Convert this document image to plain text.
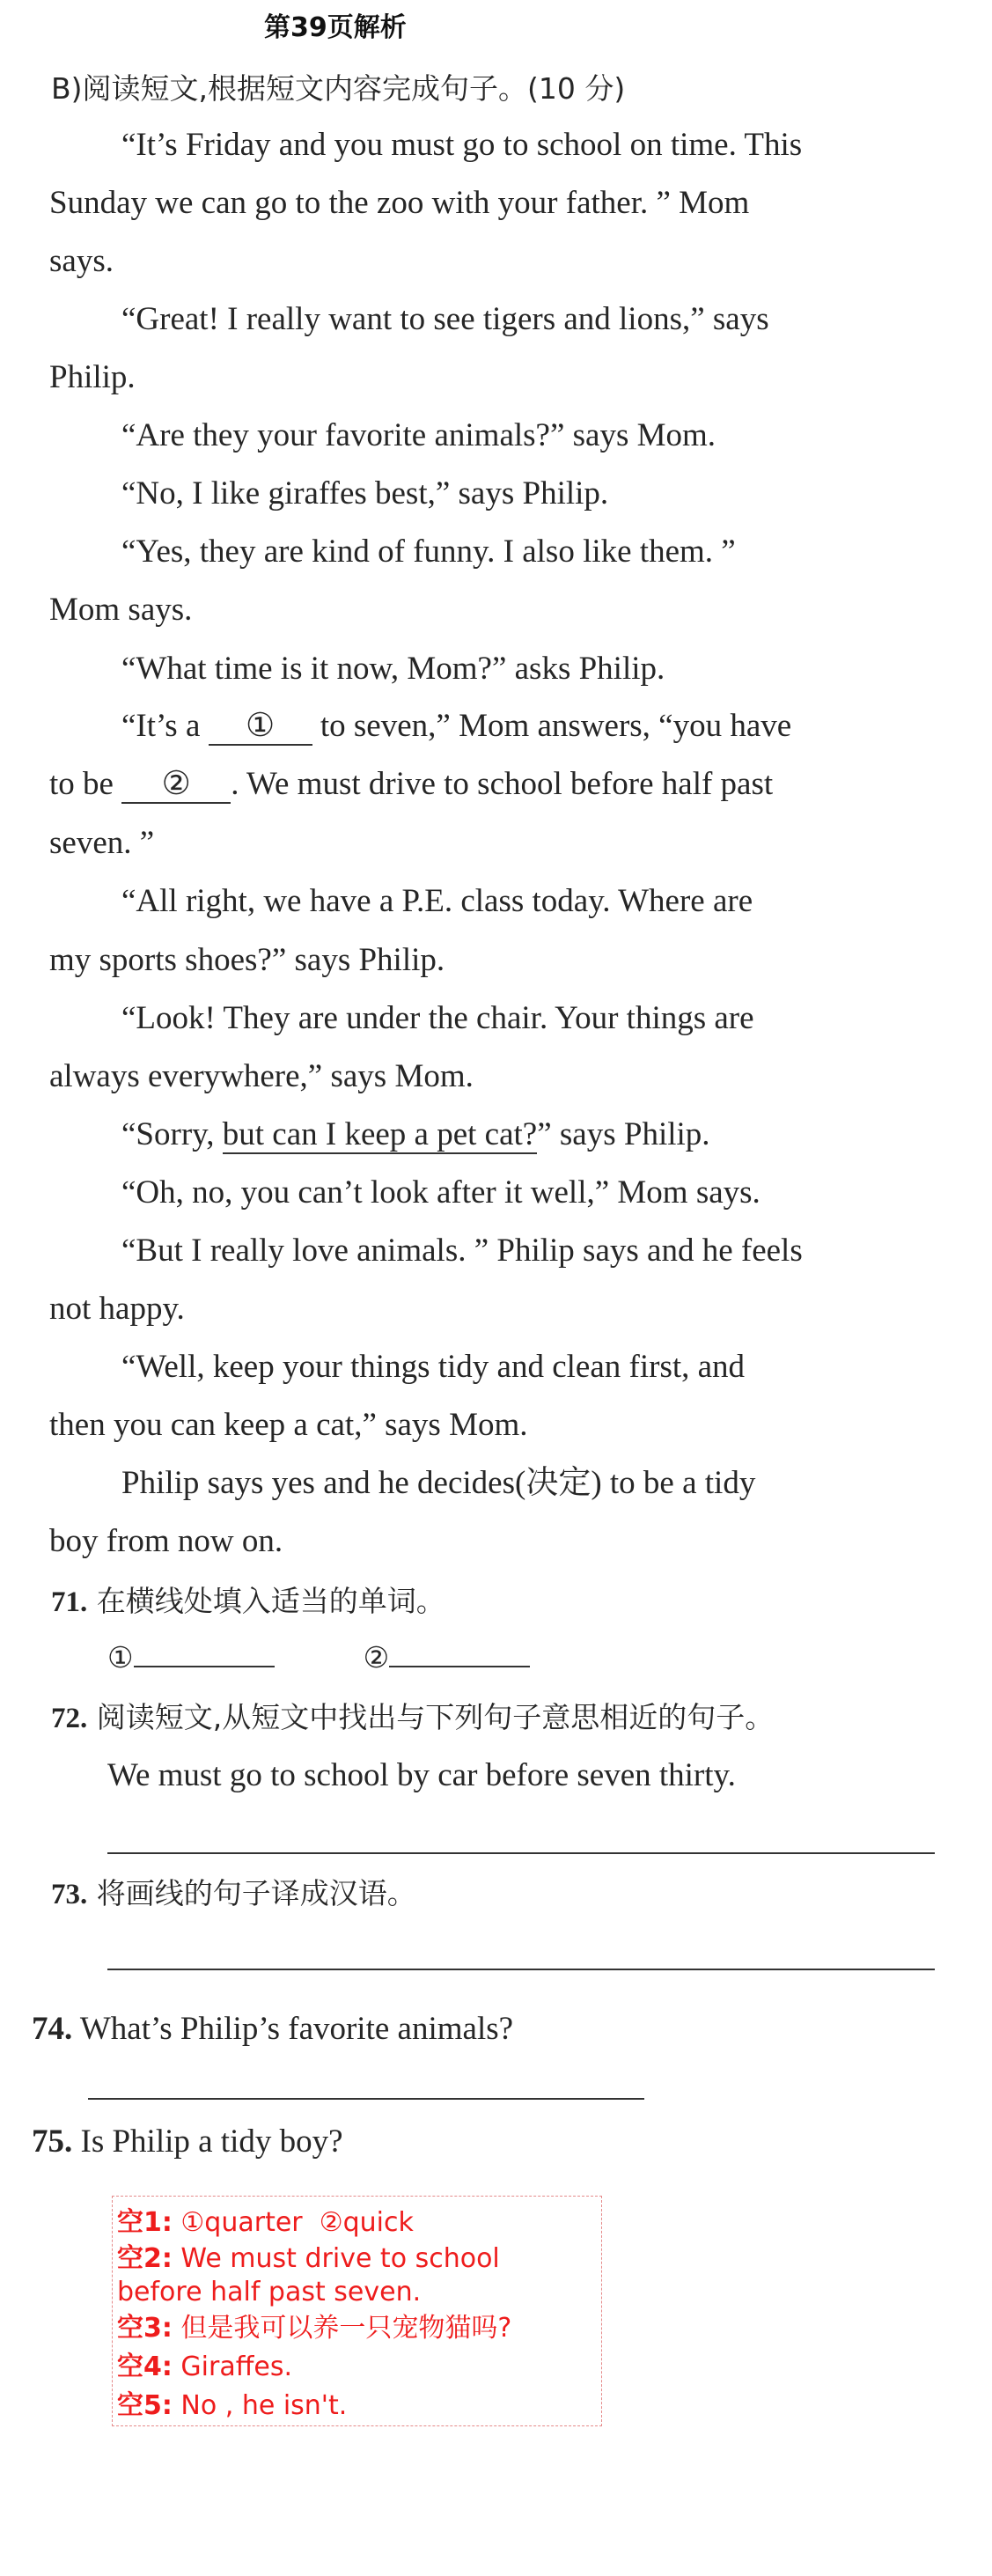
第39页解析
B)阅读短文,根据短文内容完成句子。(10 分)
“It’s Friday and you must go to school on time. This
Sunday we can go to the zoo with your father. ” Mom
says.
“Great! I really want to see tigers and lions,” says
Philip.
“Are they your favorite animals?” says Mom.
“No, I like giraffes best,” says Philip.
“Yes, they are kind of funny. I also like them. ”
Mom says.
“What time is it now, Mom?” asks Philip.
“It’s a ① to seven,” Mom answers, “you have
to be ② . We must drive to school before half past
seven. ”
“All right, we have a P.E. class today. Where are
my sports shoes?” says Philip.
“Look! They are under the chair. Your things are
always everywhere,” says Mom.
“Sorry, but can I keep a pet cat?” says Philip.
“Oh, no, you can’t look after it well,” Mom says.
“But I really love animals. ” Philip says and he feels
not happy.
“Well, keep your things tidy and clean first, and
then you can keep a cat,” says Mom.
Philip says yes and he decides(决定) to be a tidy
boy from now on.
71. 在横线处填入适当的单词。
①	②
72. 阅读短文,从短文中找出与下列句子意思相近的句子。
We must go to school by car before seven thirty.
73. 将画线的句子译成汉语。
74. What’s Philip’s favorite animals?
75. Is Philip a tidy boy?
空1: ①quarter  ②quick
空2: We must drive to school
before half past seven.
空3: 但是我可以养一只宠物猫吗?
空4: Giraffes.
空5: No , he isn't.
